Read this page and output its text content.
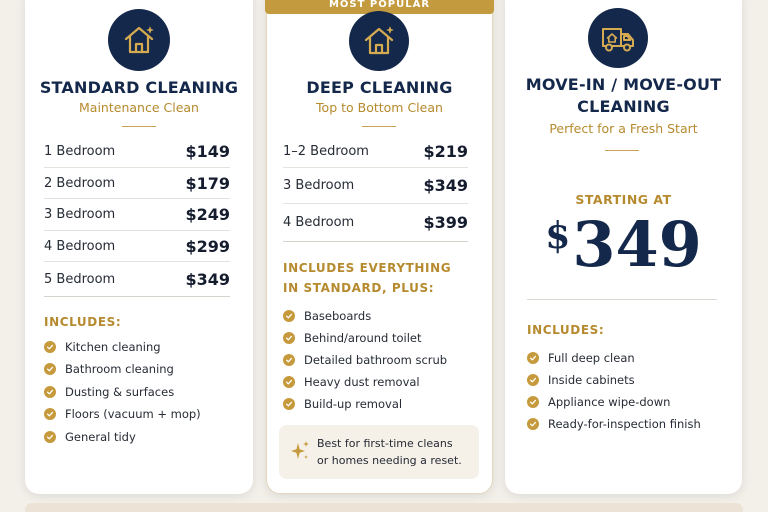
MOST POPULAR
STANDARD CLEANING
Maintenance Clean
1 Bedroom	$149
2 Bedroom	$179
3 Bedroom	$249
4 Bedroom	$299
5 Bedroom	$349
INCLUDES:
Kitchen cleaning
Bathroom cleaning
Dusting & surfaces
Floors (vacuum + mop)
General tidy
DEEP CLEANING
Top to Bottom Clean
1–2 Bedroom	$219
3 Bedroom	$349
4 Bedroom	$399
INCLUDES EVERYTHING
IN STANDARD, PLUS:
Baseboards
Behind/around toilet
Detailed bathroom scrub
Heavy dust removal
Build-up removal
Best for first-time cleans
or homes needing a reset.
MOVE-IN / MOVE-OUT
CLEANING
Perfect for a Fresh Start
STARTING AT
$349
INCLUDES:
Full deep clean
Inside cabinets
Appliance wipe-down
Ready-for-inspection finish
